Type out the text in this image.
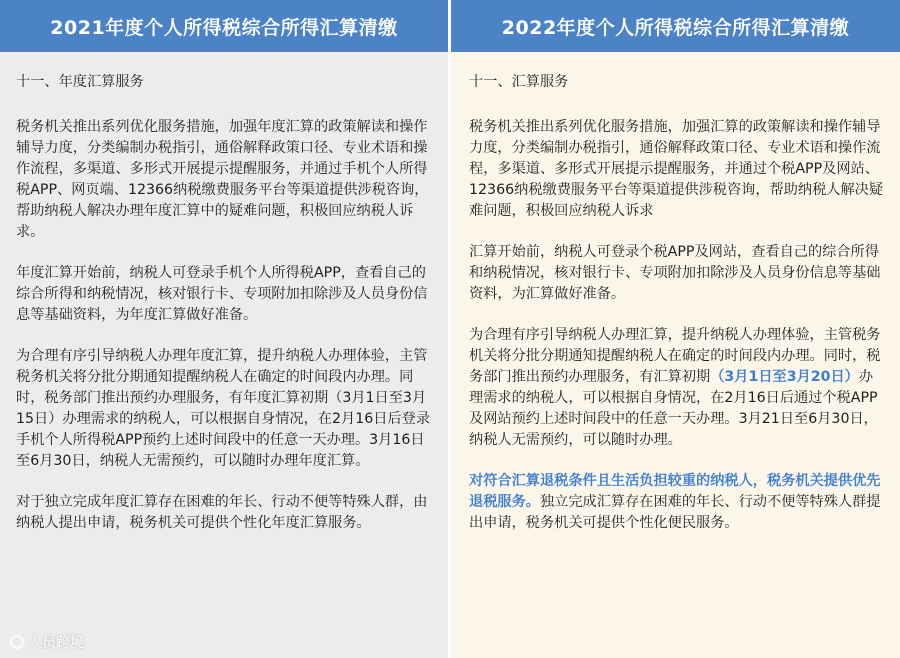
2021年度个人所得税综合所得汇算清缴
十一、年度汇算服务

税务机关推出系列优化服务措施，加强年度汇算的政策解读和操作辅导力度，分类编制办税指引，通俗解释政策口径、专业术语和操作流程，多渠道、多形式开展提示提醒服务，并通过手机个人所得税APP、网页端、12366纳税缴费服务平台等渠道提供涉税咨询，帮助纳税人解决办理年度汇算中的疑难问题，积极回应纳税人诉求。

年度汇算开始前，纳税人可登录手机个人所得税APP，查看自己的综合所得和纳税情况，核对银行卡、专项附加扣除涉及人员身份信息等基础资料，为年度汇算做好准备。

为合理有序引导纳税人办理年度汇算，提升纳税人办理体验，主管税务机关将分批分期通知提醒纳税人在确定的时间段内办理。同时，税务部门推出预约办理服务，有年度汇算初期（3月1日至3月15日）办理需求的纳税人，可以根据自身情况，在2月16日后登录手机个人所得税APP预约上述时间段中的任意一天办理。3月16日至6月30日，纳税人无需预约，可以随时办理年度汇算。

对于独立完成年度汇算存在困难的年长、行动不便等特殊人群，由纳税人提出申请，税务机关可提供个性化年度汇算服务。

人员跨境
2022年度个人所得税综合所得汇算清缴
十一、汇算服务

税务机关推出系列优化服务措施，加强汇算的政策解读和操作辅导力度，分类编制办税指引，通俗解释政策口径、专业术语和操作流程，多渠道、多形式开展提示提醒服务，并通过个税APP及网站、12366纳税缴费服务平台等渠道提供涉税咨询，帮助纳税人解决疑难问题，积极回应纳税人诉求

汇算开始前，纳税人可登录个税APP及网站，查看自己的综合所得和纳税情况，核对银行卡、专项附加扣除涉及人员身份信息等基础资料，为汇算做好准备。

为合理有序引导纳税人办理汇算，提升纳税人办理体验，主管税务机关将分批分期通知提醒纳税人在确定的时间段内办理。同时，税务部门推出预约办理服务，有汇算初期（3月1日至3月20日）办理需求的纳税人，可以根据自身情况，在2月16日后通过个税APP及网站预约上述时间段中的任意一天办理。3月21日至6月30日，纳税人无需预约，可以随时办理。

对符合汇算退税条件且生活负担较重的纳税人，税务机关提供优先退税服务。独立完成汇算存在困难的年长、行动不便等特殊人群提出申请，税务机关可提供个性化便民服务。
